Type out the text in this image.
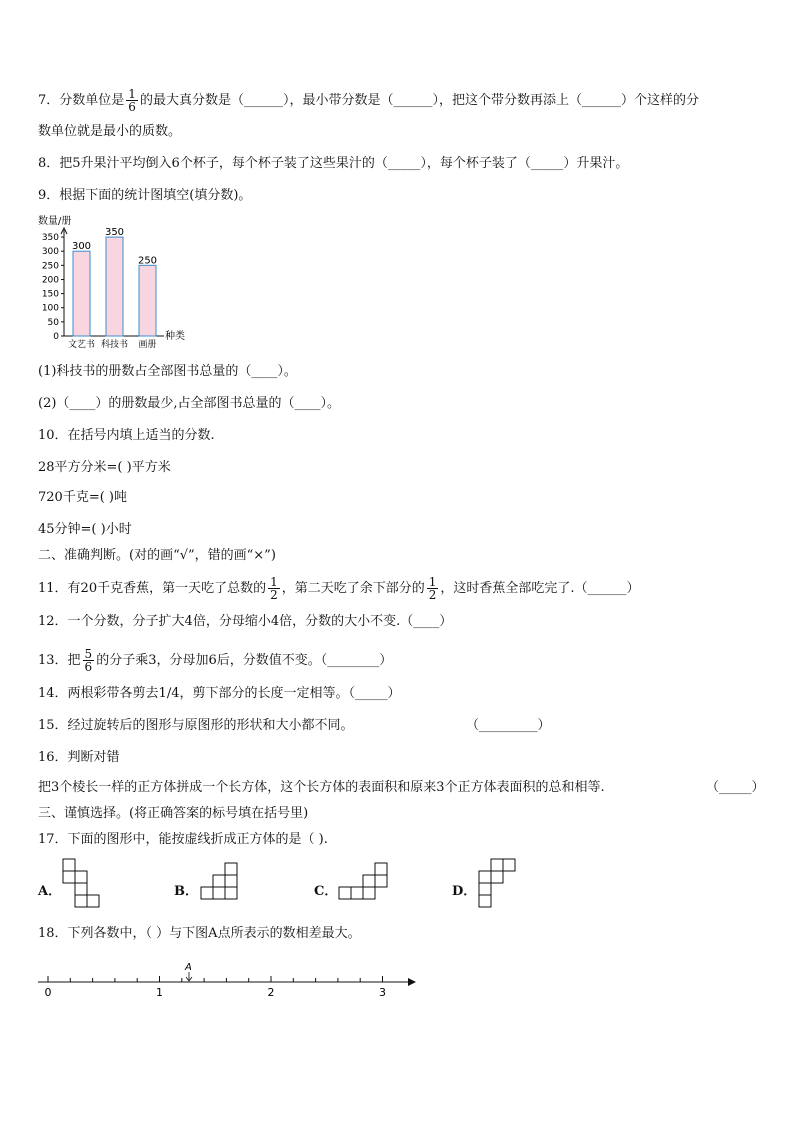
7．分数单位是 $\frac{1}{6}$ 的最大真分数是（______），最小带分数是（______），把这个带分数再添上（______）个这样的分
数单位就是最小的质数。
8．把5升果汁平均倒入6个杯子，每个杯子装了这些果汁的（_____），每个杯子装了（_____）升果汁。
9．根据下面的统计图填空(填分数)。
数量/册
种类
0
50
100
150
200
250
300
350
300
文艺书
350
科技书
250
画册
(1)科技书的册数占全部图书总量的（____）。
(2)（____）的册数最少,占全部图书总量的（____）。
10．在括号内填上适当的分数.
28平方分米=( )平方米
720千克=( )吨
45分钟=( )小时
二、准确判断。(对的画“√”，错的画“×”)
11．有20千克香蕉，第一天吃了总数的 $\frac{1}{2}$ ，第二天吃了余下部分的 $\frac{1}{2}$ ，这时香蕉全部吃完了.（______）
12．一个分数，分子扩大4倍，分母缩小4倍，分数的大小不变.（____）
13．把 $\frac{5}{6}$ 的分子乘3，分母加6后，分数值不变。（________）
14．两根彩带各剪去1/4，剪下部分的长度一定相等。（_____）
15．经过旋转后的图形与原图形的形状和大小都不同。	（_________）
16．判断对错
把3个棱长一样的正方体拼成一个长方体，这个长方体的表面积和原来3个正方体表面积的总和相等.	（_____）
三、谨慎选择。(将正确答案的标号填在括号里)
17．下面的图形中，能按虚线折成正方体的是（ ).
A．	B．	C．	D．
18．下列各数中，（ ）与下图A点所表示的数相差最大。
0	1	2	3
A
